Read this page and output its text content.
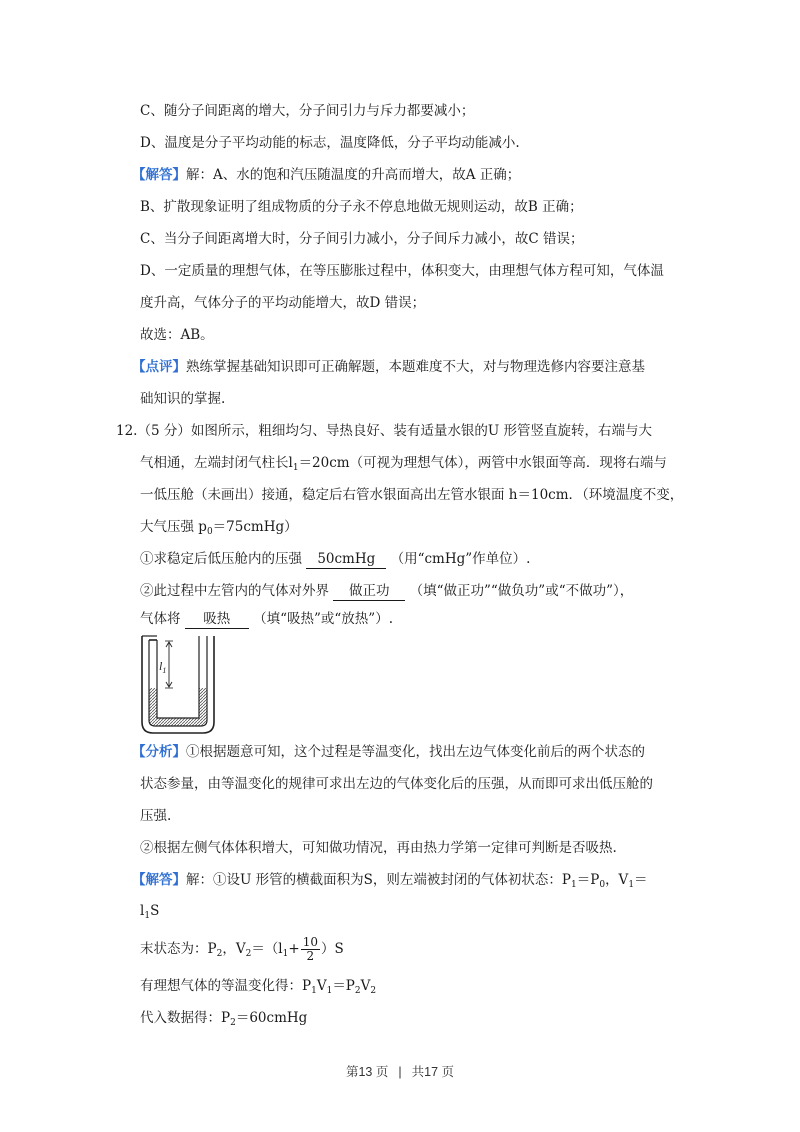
C、随分子间距离的增大，分子间引力与斥力都要减小；
D、温度是分子平均动能的标志，温度降低，分子平均动能减小.
【解答】解：A、水的饱和汽压随温度的升高而增大，故A 正确；
B、扩散现象证明了组成物质的分子永不停息地做无规则运动，故B 正确；
C、当分子间距离增大时，分子间引力减小，分子间斥力减小，故C 错误；
D、一定质量的理想气体，在等压膨胀过程中，体积变大，由理想气体方程可知，气体温
度升高，气体分子的平均动能增大，故D 错误；
故选：AB。
【点评】熟练掌握基础知识即可正确解题，本题难度不大，对与物理选修内容要注意基
础知识的掌握.
12.（5 分）如图所示，粗细均匀、导热良好、装有适量水银的U 形管竖直旋转，右端与大
气相通，左端封闭气柱长$l_1=20cm$（可视为理想气体），两管中水银面等高．现将右端与
一低压舱（未画出）接通，稳定后右管水银面高出左管水银面 h＝10cm．（环境温度不变，
大气压强 $p_0=75cmHg$）
①求稳定后低压舱内的压强 50cmHg （用“cmHg”作单位）.
②此过程中左管内的气体对外界 做正功 （填“做正功”“做负功”或“不做功”），
气体将 吸热 （填“吸热”或“放热”）.
$l_1$
【分析】①根据题意可知，这个过程是等温变化，找出左边气体变化前后的两个状态的
状态参量，由等温变化的规律可求出左边的气体变化后的压强，从而即可求出低压舱的
压强.
②根据左侧气体体积增大，可知做功情况，再由热力学第一定律可判断是否吸热.
【解答】解：①设U 形管的横截面积为S，则左端被封闭的气体初状态：$P_1=P_0$，$V_1=$
$l_1S$
末状态为：$P_2$，$V_2=(l_1+ \frac{10}{2} )S$
有理想气体的等温变化得：$P_1V_1=P_2V_2$
代入数据得：$P_2=60cmHg$
第13 页 | 共17 页
